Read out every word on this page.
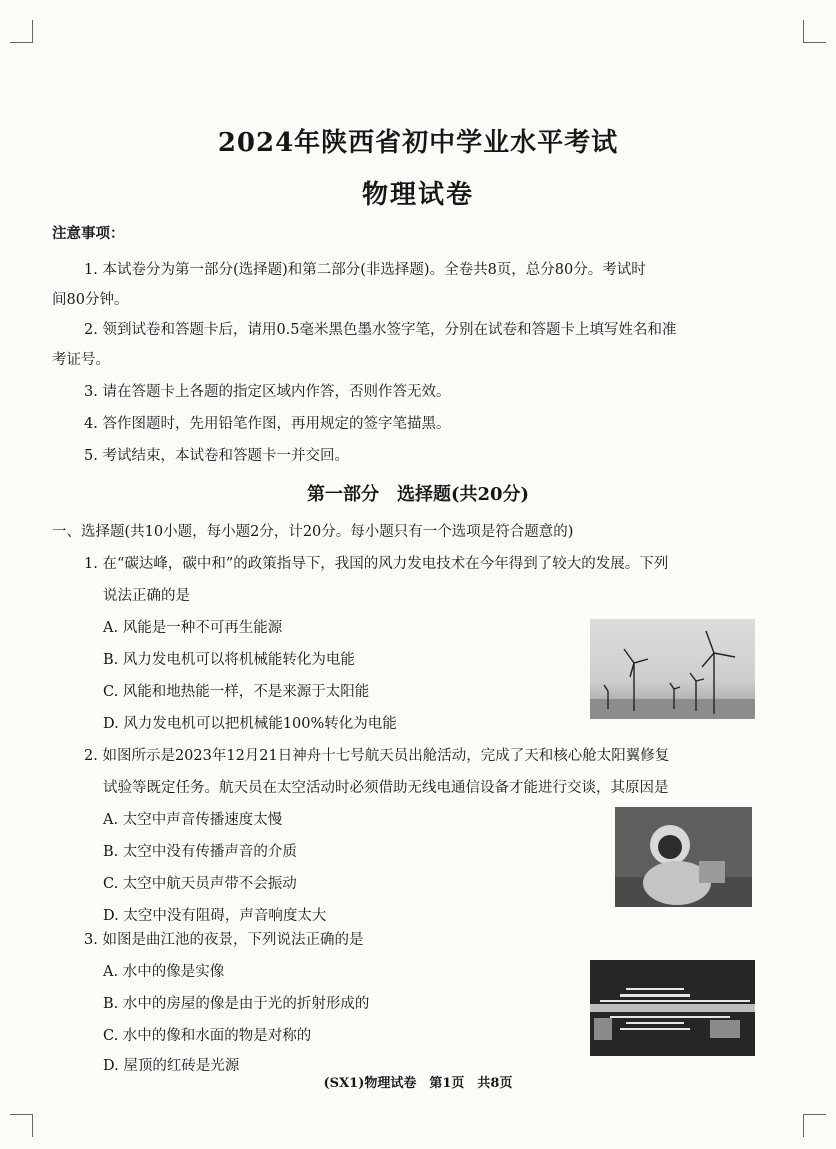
2024年陕西省初中学业水平考试
物理试卷
注意事项：
1. 本试卷分为第一部分(选择题)和第二部分(非选择题)。全卷共8页，总分80分。考试时
间80分钟。
2. 领到试卷和答题卡后，请用0.5毫米黑色墨水签字笔，分别在试卷和答题卡上填写姓名和准
考证号。
3. 请在答题卡上各题的指定区域内作答，否则作答无效。
4. 答作图题时，先用铅笔作图，再用规定的签字笔描黑。
5. 考试结束，本试卷和答题卡一并交回。
第一部分　选择题(共20分)
一、选择题(共10小题，每小题2分，计20分。每小题只有一个选项是符合题意的)
1. 在“碳达峰，碳中和”的政策指导下，我国的风力发电技术在今年得到了较大的发展。下列
说法正确的是
A. 风能是一种不可再生能源
B. 风力发电机可以将机械能转化为电能
C. 风能和地热能一样，不是来源于太阳能
D. 风力发电机可以把机械能100%转化为电能
2. 如图所示是2023年12月21日神舟十七号航天员出舱活动，完成了天和核心舱太阳翼修复
试验等既定任务。航天员在太空活动时必须借助无线电通信设备才能进行交谈，其原因是
A. 太空中声音传播速度太慢
B. 太空中没有传播声音的介质
C. 太空中航天员声带不会振动
D. 太空中没有阻碍，声音响度太大
3. 如图是曲江池的夜景，下列说法正确的是
A. 水中的像是实像
B. 水中的房屋的像是由于光的折射形成的
C. 水中的像和水面的物是对称的
D. 屋顶的红砖是光源
(SX1)物理试卷　第1页　共8页
